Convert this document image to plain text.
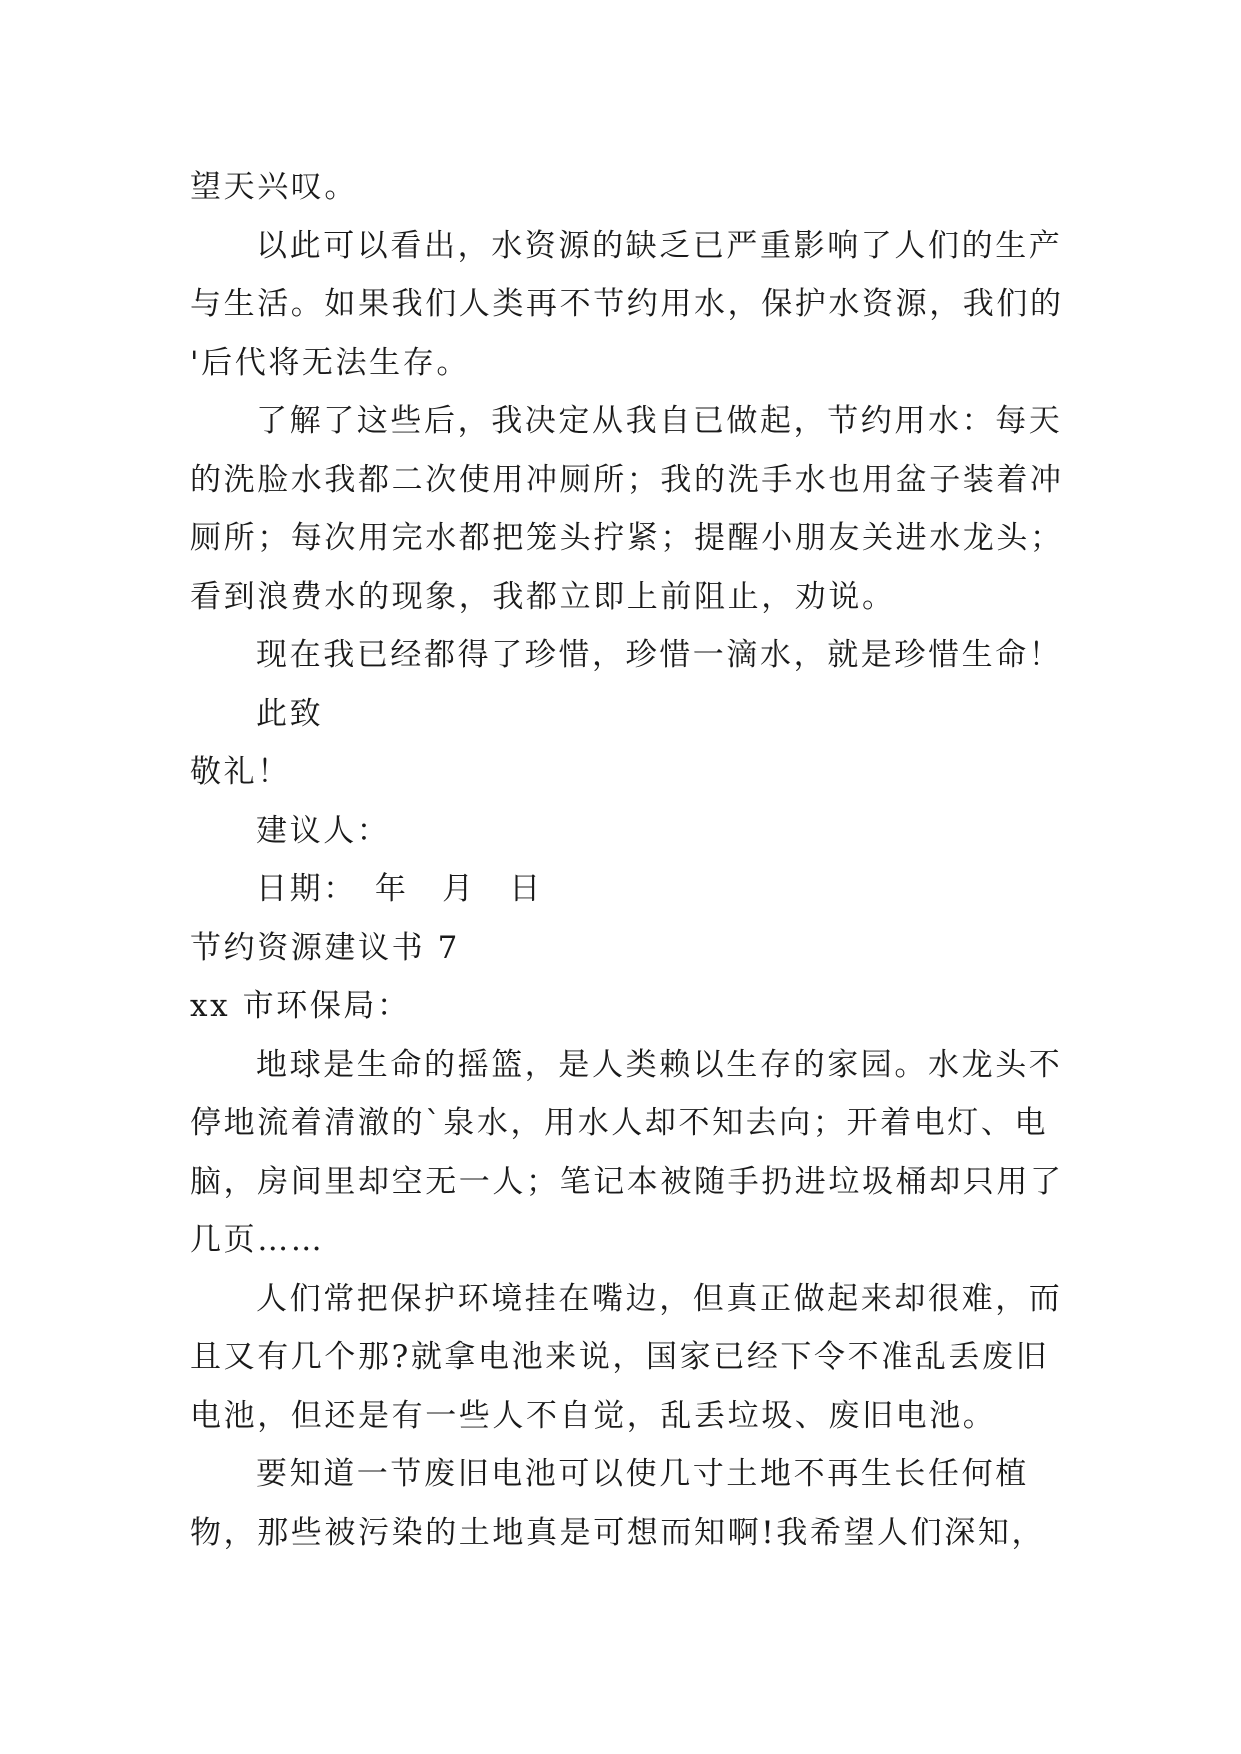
望天兴叹。
以此可以看出，水资源的缺乏已严重影响了人们的生产
与生活。如果我们人类再不节约用水，保护水资源，我们的
'后代将无法生存。
了解了这些后，我决定从我自已做起，节约用水：每天
的洗脸水我都二次使用冲厕所；我的洗手水也用盆子装着冲
厕所；每次用完水都把笼头拧紧；提醒小朋友关进水龙头；
看到浪费水的现象，我都立即上前阻止，劝说。
现在我已经都得了珍惜，珍惜一滴水，就是珍惜生命！
此致
敬礼！
建议人：
日期：　年　月　日
节约资源建议书 7
xx 市环保局：
地球是生命的摇篮，是人类赖以生存的家园。水龙头不
停地流着清澈的`泉水，用水人却不知去向；开着电灯、电
脑，房间里却空无一人；笔记本被随手扔进垃圾桶却只用了
几页……
人们常把保护环境挂在嘴边，但真正做起来却很难，而
且又有几个那?就拿电池来说，国家已经下令不准乱丢废旧
电池，但还是有一些人不自觉，乱丢垃圾、废旧电池。
要知道一节废旧电池可以使几寸土地不再生长任何植
物，那些被污染的土地真是可想而知啊!我希望人们深知，
